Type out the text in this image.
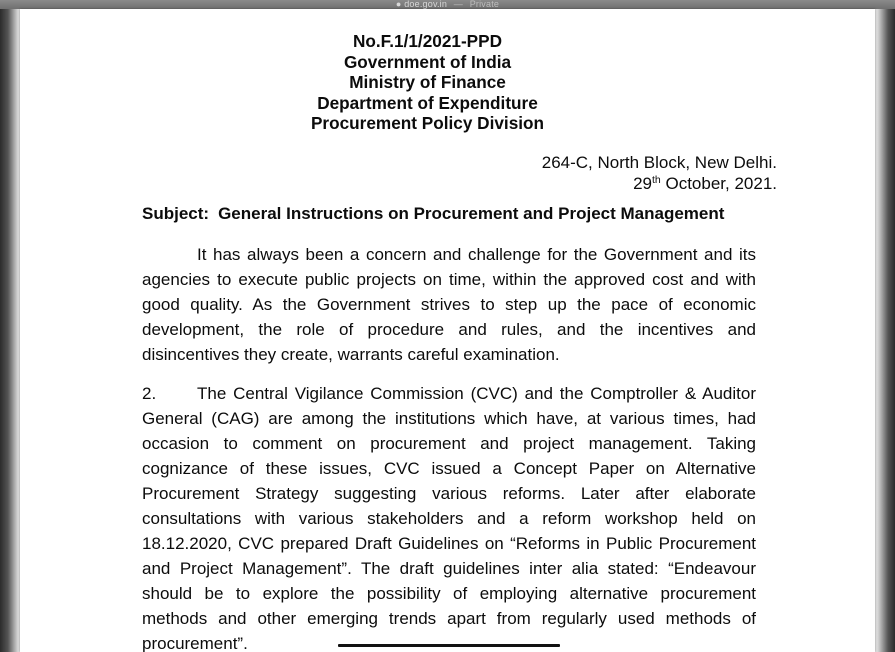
● doe.gov.in — Private
No.F.1/1/2021-PPD
Government of India
Ministry of Finance
Department of Expenditure
Procurement Policy Division
264-C, North Block, New Delhi.
29th October, 2021.
Subject: General Instructions on Procurement and Project Management

It has always been a concern and challenge for the Government and its agencies to execute public projects on time, within the approved cost and with good quality. As the Government strives to step up the pace of economic development, the role of procedure and rules, and the incentives and disincentives they create, warrants careful examination.

2. The Central Vigilance Commission (CVC) and the Comptroller & Auditor General (CAG) are among the institutions which have, at various times, had occasion to comment on procurement and project management. Taking cognizance of these issues, CVC issued a Concept Paper on Alternative Procurement Strategy suggesting various reforms. Later after elaborate consultations with various stakeholders and a reform workshop held on 18.12.2020, CVC prepared Draft Guidelines on “Reforms in Public Procurement and Project Management”. The draft guidelines inter alia stated: “Endeavour should be to explore the possibility of employing alternative procurement methods and other emerging trends apart from regularly used methods of procurement”.
